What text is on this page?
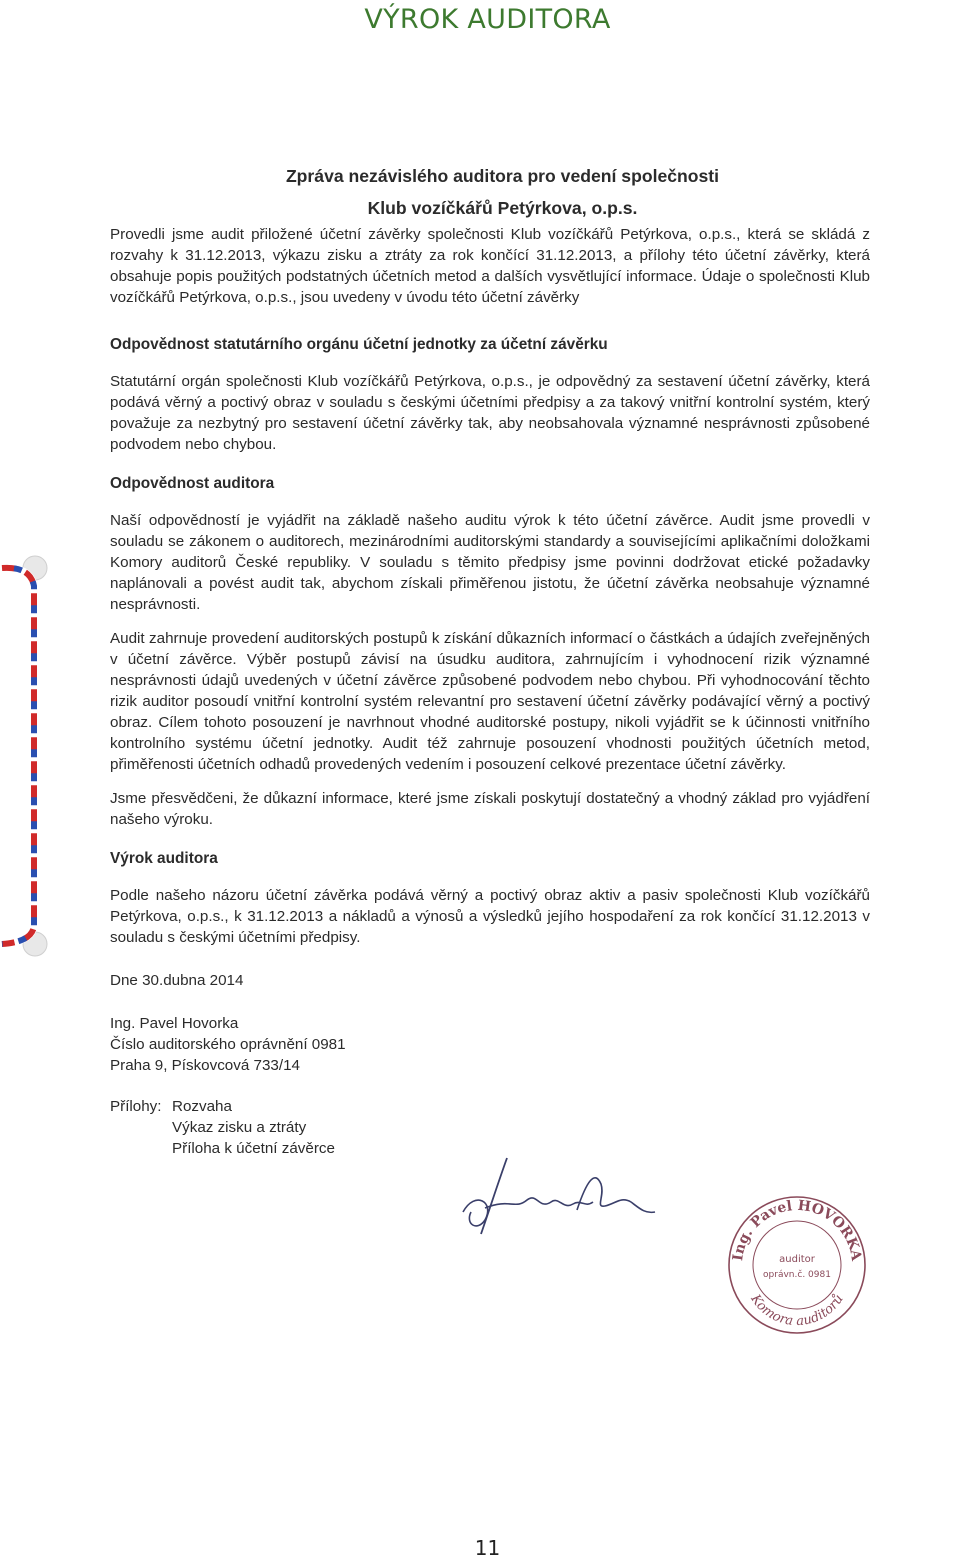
VÝROK AUDITORA
Zpráva nezávislého auditora pro vedení společnosti
Klub vozíčkářů Petýrkova, o.p.s.

Provedli jsme audit přiložené účetní závěrky společnosti Klub vozíčkářů Petýrkova, o.p.s., která se skládá z rozvahy k 31.12.2013, výkazu zisku a ztráty za rok končící 31.12.2013, a přílohy této účetní závěrky, která obsahuje popis použitých podstatných účetních metod a dalších vysvětlující informace. Údaje o společnosti Klub vozíčkářů Petýrkova, o.p.s., jsou uvedeny v úvodu této účetní závěrky

Odpovědnost statutárního orgánu účetní jednotky za účetní závěrku

Statutární orgán společnosti Klub vozíčkářů Petýrkova, o.p.s., je odpovědný za sestavení účetní závěrky, která podává věrný a poctivý obraz v souladu s českými účetními předpisy a za takový vnitřní kontrolní systém, který považuje za nezbytný pro sestavení účetní závěrky tak, aby neobsahovala významné nesprávnosti způsobené podvodem nebo chybou.

Odpovědnost auditora

Naší odpovědností je vyjádřit na základě našeho auditu výrok k této účetní závěrce. Audit jsme provedli v souladu se zákonem o auditorech, mezinárodními auditorskými standardy a souvisejícími aplikačními doložkami Komory auditorů České republiky. V souladu s těmito předpisy jsme povinni dodržovat etické požadavky naplánovali a povést audit tak, abychom získali přiměřenou jistotu, že účetní závěrka neobsahuje významné nesprávnosti.

Audit zahrnuje provedení auditorských postupů k získání důkazních informací o částkách a údajích zveřejněných v účetní závěrce. Výběr postupů závisí na úsudku auditora, zahrnujícím i vyhodnocení rizik významné nesprávnosti údajů uvedených v účetní závěrce způsobené podvodem nebo chybou. Při vyhodnocování těchto rizik auditor posoudí vnitřní kontrolní systém relevantní pro sestavení účetní závěrky podávající věrný a poctivý obraz. Cílem tohoto posouzení je navrhnout vhodné auditorské postupy, nikoli vyjádřit se k účinnosti vnitřního kontrolního systému účetní jednotky. Audit též zahrnuje posouzení vhodnosti použitých účetních metod, přiměřenosti účetních odhadů provedených vedením i posouzení celkové prezentace účetní závěrky.

Jsme přesvědčeni, že důkazní informace, které jsme získali poskytují dostatečný a vhodný základ pro vyjádření našeho výroku.

Výrok auditora

Podle našeho názoru účetní závěrka podává věrný a poctivý obraz aktiv a pasiv společnosti Klub vozíčkářů Petýrkova, o.p.s., k 31.12.2013 a nákladů a výnosů a výsledků jejího hospodaření za rok končící 31.12.2013 v souladu s českými účetními předpisy.

Dne 30.dubna 2014
Ing. Pavel Hovorka
Číslo auditorského oprávnění 0981
Praha 9, Pískovcová 733/14
Přílohy: Rozvaha
Výkaz zisku a ztráty
Příloha k účetní závěrce
Ing. Pavel HOVORKA
Komora auditorů
auditor
oprávn.č. 0981
11
